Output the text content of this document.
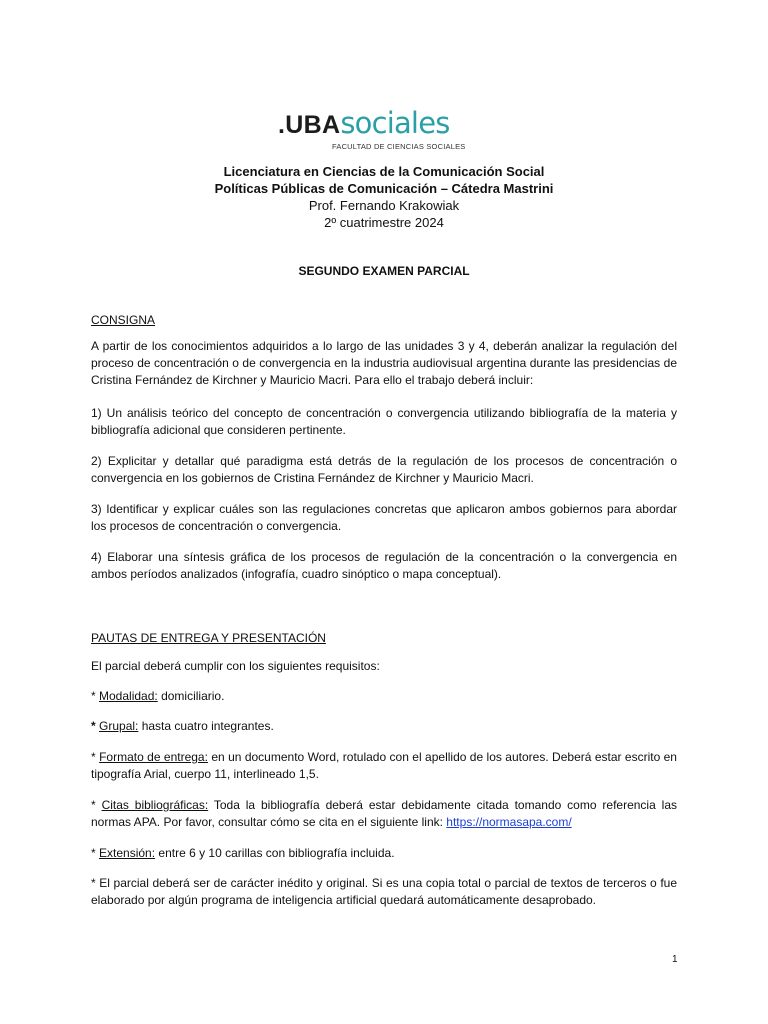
.UBAsociales
FACULTAD DE CIENCIAS SOCIALES
Licenciatura en Ciencias de la Comunicación Social
Políticas Públicas de Comunicación – Cátedra Mastrini
Prof. Fernando Krakowiak
2º cuatrimestre 2024
SEGUNDO EXAMEN PARCIAL
CONSIGNA
A partir de los conocimientos adquiridos a lo largo de las unidades 3 y 4, deberán analizar la regulación del proceso de concentración o de convergencia en la industria audiovisual argentina durante las presidencias de Cristina Fernández de Kirchner y Mauricio Macri. Para ello el trabajo deberá incluir:
1) Un análisis teórico del concepto de concentración o convergencia utilizando bibliografía de la materia y bibliografía adicional que consideren pertinente.
2) Explicitar y detallar qué paradigma está detrás de la regulación de los procesos de concentración o convergencia en los gobiernos de Cristina Fernández de Kirchner y Mauricio Macri.
3) Identificar y explicar cuáles son las regulaciones concretas que aplicaron ambos gobiernos para abordar los procesos de concentración o convergencia.
4) Elaborar una síntesis gráfica de los procesos de regulación de la concentración o la convergencia en ambos períodos analizados (infografía, cuadro sinóptico o mapa conceptual).
PAUTAS DE ENTREGA Y PRESENTACIÓN
El parcial deberá cumplir con los siguientes requisitos:
* Modalidad: domiciliario.
* Grupal: hasta cuatro integrantes.
* Formato de entrega: en un documento Word, rotulado con el apellido de los autores. Deberá estar escrito en tipografía Arial, cuerpo 11, interlineado 1,5.
* Citas bibliográficas: Toda la bibliografía deberá estar debidamente citada tomando como referencia las normas APA. Por favor, consultar cómo se cita en el siguiente link: https://normasapa.com/
* Extensión: entre 6 y 10 carillas con bibliografía incluida.
* El parcial deberá ser de carácter inédito y original. Si es una copia total o parcial de textos de terceros o fue elaborado por algún programa de inteligencia artificial quedará automáticamente desaprobado.
1
